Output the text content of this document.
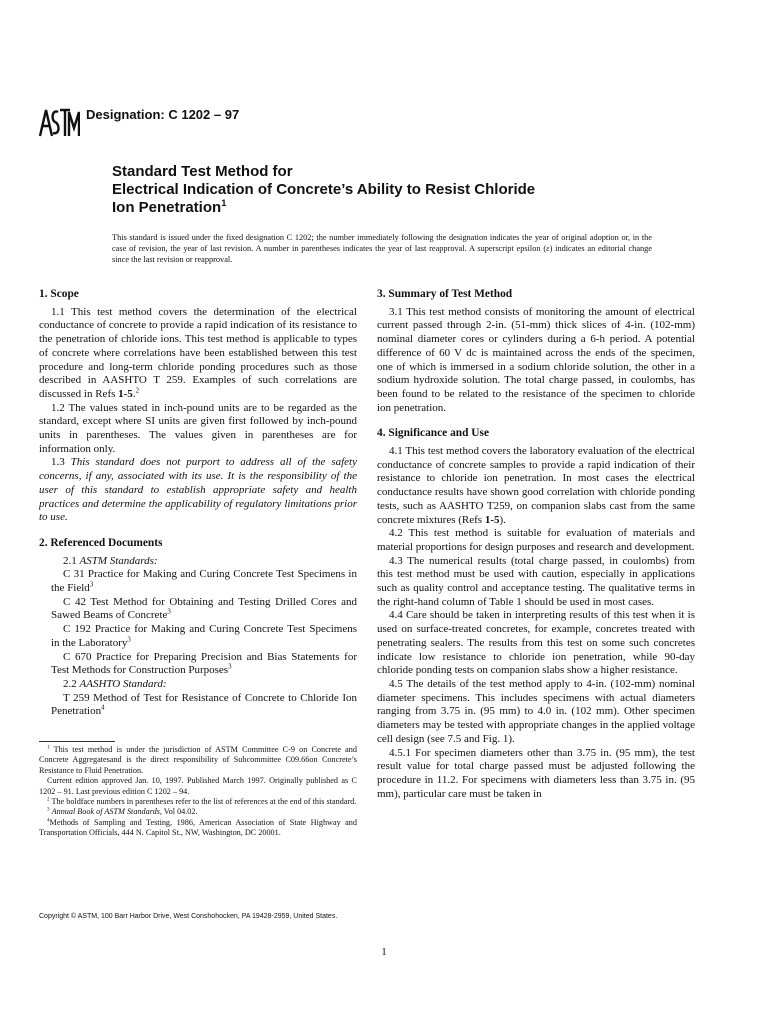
Designation: C 1202 – 97
Standard Test Method for
Electrical Indication of Concrete’s Ability to Resist Chloride
Ion Penetration$^1$
This standard is issued under the fixed designation C 1202; the number immediately following the designation indicates the year of original adoption or, in the case of revision, the year of last revision. A number in parentheses indicates the year of last reapproval. A superscript epsilon (ε) indicates an editorial change since the last revision or reapproval.
1. Scope

1.1 This test method covers the determination of the electrical conductance of concrete to provide a rapid indication of its resistance to the penetration of chloride ions. This test method is applicable to types of concrete where correlations have been established between this test procedure and long-term chloride ponding procedures such as those described in AASHTO T 259. Examples of such correlations are discussed in Refs 1-5.$^2$

1.2 The values stated in inch-pound units are to be regarded as the standard, except where SI units are given first followed by inch-pound units in parentheses. The values given in parentheses are for information only.

1.3 This standard does not purport to address all of the safety concerns, if any, associated with its use. It is the responsibility of the user of this standard to establish appropriate safety and health practices and determine the applicability of regulatory limitations prior to use.

2. Referenced Documents

2.1 ASTM Standards:

C 31 Practice for Making and Curing Concrete Test Specimens in the Field$^3$

C 42 Test Method for Obtaining and Testing Drilled Cores and Sawed Beams of Concrete$^3$

C 192 Practice for Making and Curing Concrete Test Specimens in the Laboratory$^3$

C 670 Practice for Preparing Precision and Bias Statements for Test Methods for Construction Purposes$^3$

2.2 AASHTO Standard:

T 259 Method of Test for Resistance of Concrete to Chloride Ion Penetration$^4$

$^1$ This test method is under the jurisdiction of ASTM Committee C-9 on Concrete and Concrete Aggregatesand is the direct responsibility of Subcommittee C09.66on Concrete’s Resistance to Fluid Penetration.

Current edition approved Jan. 10, 1997. Published March 1997. Originally published as C 1202 – 91. Last previous edition C 1202 – 94.

$^2$ The boldface numbers in parentheses refer to the list of references at the end of this standard.

$^3$ Annual Book of ASTM Standards, Vol 04.02.

$^4$Methods of Sampling and Testing, 1986, American Association of State Highway and Transportation Officials, 444 N. Capitol St., NW, Washington, DC 20001.

3. Summary of Test Method

3.1 This test method consists of monitoring the amount of electrical current passed through 2-in. (51-mm) thick slices of 4-in. (102-mm) nominal diameter cores or cylinders during a 6-h period. A potential difference of 60 V dc is maintained across the ends of the specimen, one of which is immersed in a sodium chloride solution, the other in a sodium hydroxide solution. The total charge passed, in coulombs, has been found to be related to the resistance of the specimen to chloride ion penetration.

4. Significance and Use

4.1 This test method covers the laboratory evaluation of the electrical conductance of concrete samples to provide a rapid indication of their resistance to chloride ion penetration. In most cases the electrical conductance results have shown good correlation with chloride ponding tests, such as AASHTO T259, on companion slabs cast from the same concrete mixtures (Refs 1-5).

4.2 This test method is suitable for evaluation of materials and material proportions for design purposes and research and development.

4.3 The numerical results (total charge passed, in coulombs) from this test method must be used with caution, especially in applications such as quality control and acceptance testing. The qualitative terms in the right-hand column of Table 1 should be used in most cases.

4.4 Care should be taken in interpreting results of this test when it is used on surface-treated concretes, for example, concretes treated with penetrating sealers. The results from this test on some such concretes indicate low resistance to chloride ion penetration, while 90-day chloride ponding tests on companion slabs show a higher resistance.

4.5 The details of the test method apply to 4-in. (102-mm) nominal diameter specimens. This includes specimens with actual diameters ranging from 3.75 in. (95 mm) to 4.0 in. (102 mm). Other specimen diameters may be tested with appropriate changes in the applied voltage cell design (see 7.5 and Fig. 1).

4.5.1 For specimen diameters other than 3.75 in. (95 mm), the test result value for total charge passed must be adjusted following the procedure in 11.2. For specimens with diameters less than 3.75 in. (95 mm), particular care must be taken in

Copyright © ASTM, 100 Barr Harbor Drive, West Conshohocken, PA 19428-2959, United States.
1
